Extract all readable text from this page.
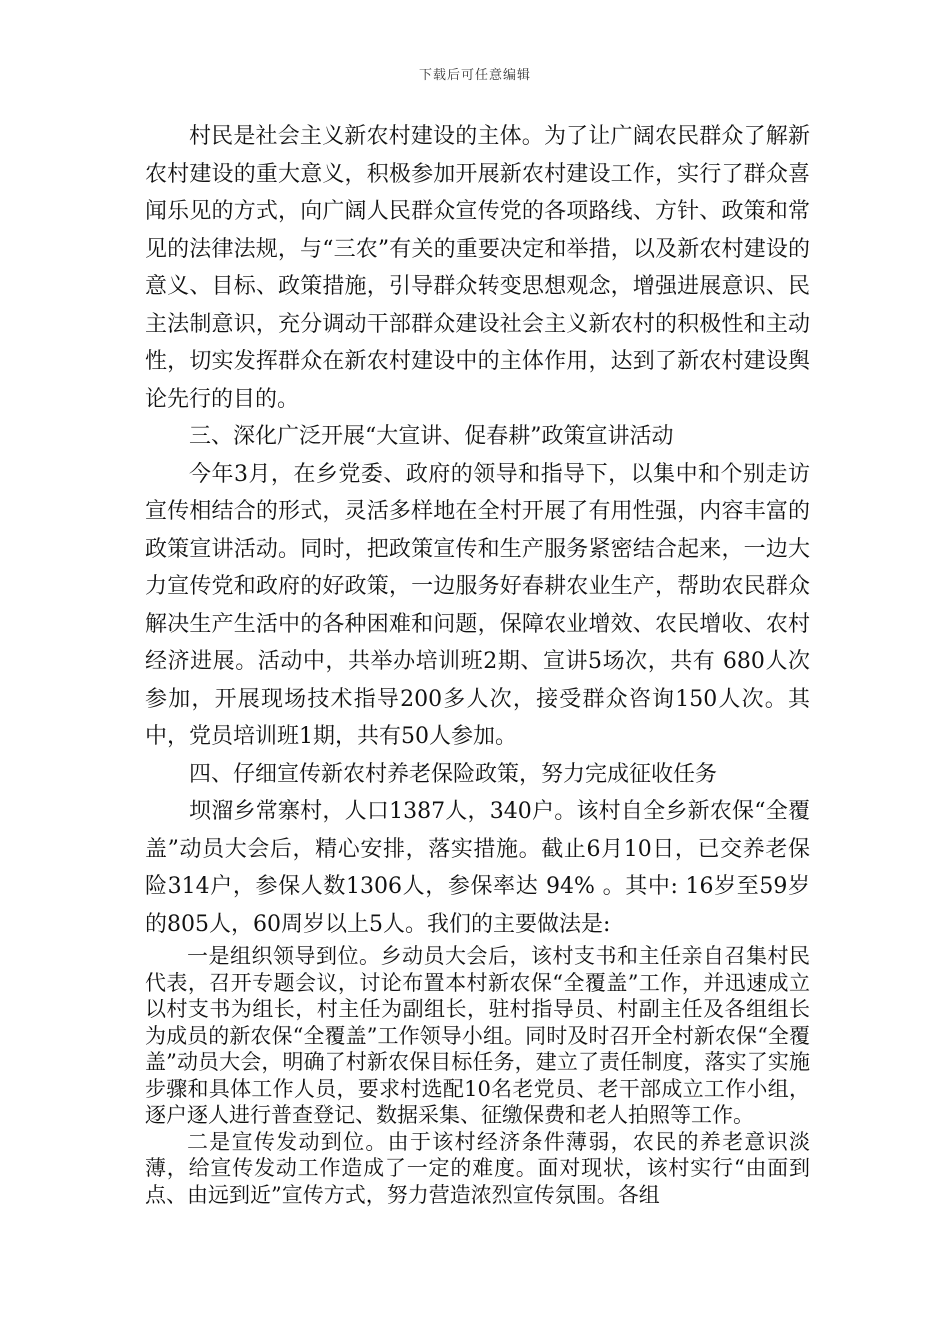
下载后可任意编辑

村民是社会主义新农村建设的主体。为了让广阔农民群众了解新农村建设的重大意义，积极参加开展新农村建设工作，实行了群众喜闻乐见的方式，向广阔人民群众宣传党的各项路线、方针、政策和常见的法律法规，与“三农”有关的重要决定和举措，以及新农村建设的意义、目标、政策措施，引导群众转变思想观念，增强进展意识、民主法制意识，充分调动干部群众建设社会主义新农村的积极性和主动性，切实发挥群众在新农村建设中的主体作用，达到了新农村建设舆论先行的目的。

三、深化广泛开展“大宣讲、促春耕”政策宣讲活动

今年3月，在乡党委、政府的领导和指导下，以集中和个别走访宣传相结合的形式，灵活多样地在全村开展了有用性强，内容丰富的政策宣讲活动。同时，把政策宣传和生产服务紧密结合起来，一边大力宣传党和政府的好政策，一边服务好春耕农业生产，帮助农民群众解决生产生活中的各种困难和问题，保障农业增效、农民增收、农村经济进展。活动中，共举办培训班2期、宣讲5场次，共有 680人次参加，开展现场技术指导200多人次，接受群众咨询150人次。其中，党员培训班1期，共有50人参加。

四、仔细宣传新农村养老保险政策，努力完成征收任务

坝溜乡常寨村，人口1387人，340户。该村自全乡新农保“全覆盖”动员大会后，精心安排，落实措施。截止6月10日，已交养老保险314户，参保人数1306人，参保率达 94% 。其中: 16岁至59岁的805人，60周岁以上5人。我们的主要做法是:

一是组织领导到位。乡动员大会后，该村支书和主任亲自召集村民代表，召开专题会议，讨论布置本村新农保“全覆盖”工作，并迅速成立以村支书为组长，村主任为副组长，驻村指导员、村副主任及各组组长为成员的新农保“全覆盖”工作领导小组。同时及时召开全村新农保“全覆盖”动员大会，明确了村新农保目标任务，建立了责任制度，落实了实施步骤和具体工作人员，要求村选配10名老党员、老干部成立工作小组，逐户逐人进行普查登记、数据采集、征缴保费和老人拍照等工作。

二是宣传发动到位。由于该村经济条件薄弱，农民的养老意识淡薄，给宣传发动工作造成了一定的难度。面对现状，该村实行“由面到点、由远到近”宣传方式，努力营造浓烈宣传氛围。各组
